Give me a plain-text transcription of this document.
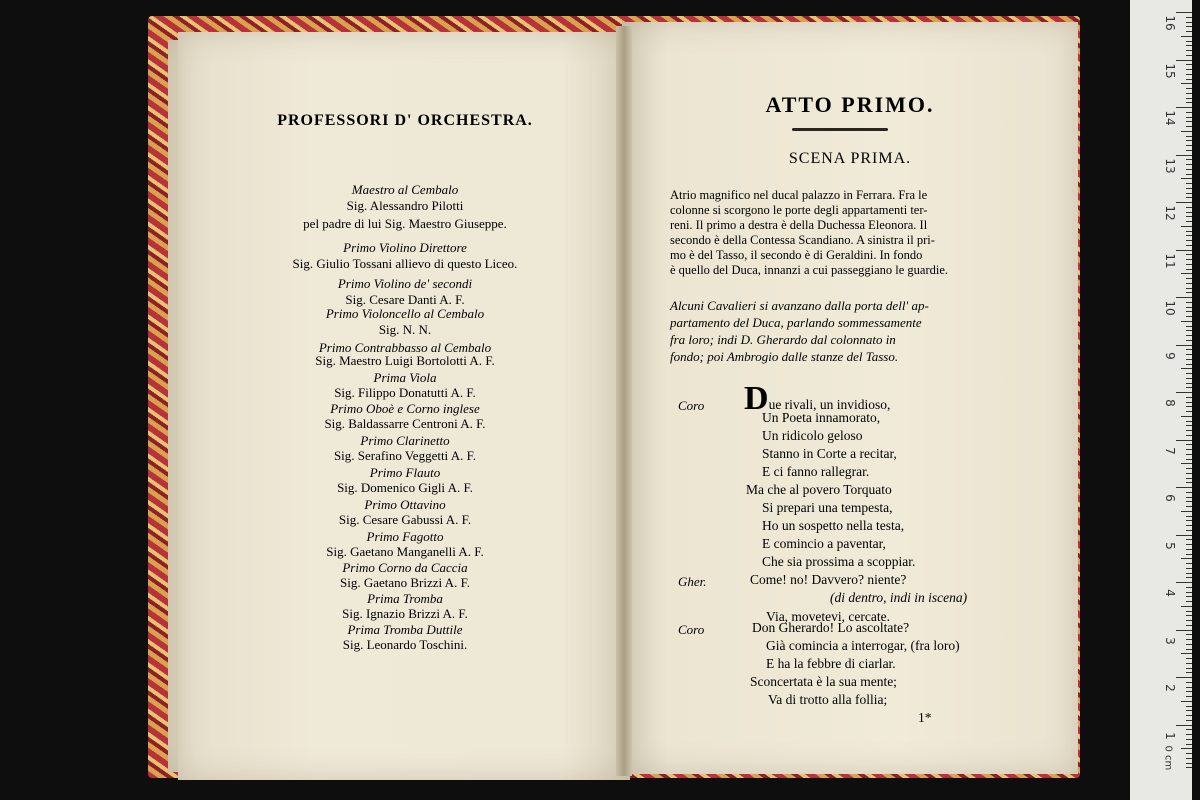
PROFESSORI D' ORCHESTRA.
Maestro al Cembalo
Sig. Alessandro Pilotti
pel padre di lui Sig. Maestro Giuseppe.
Primo Violino Direttore
Sig. Giulio Tossani allievo di questo Liceo.
Primo Violino de' secondi
Sig. Cesare Danti A. F.
Primo Violoncello al Cembalo
Sig. N. N.
Primo Contrabbasso al Cembalo
Sig. Maestro Luigi Bortolotti A. F.
Prima Viola
Sig. Filippo Donatutti A. F.
Primo Oboè e Corno inglese
Sig. Baldassarre Centroni A. F.
Primo Clarinetto
Sig. Serafino Veggetti A. F.
Primo Flauto
Sig. Domenico Gigli A. F.
Primo Ottavino
Sig. Cesare Gabussi A. F.
Primo Fagotto
Sig. Gaetano Manganelli A. F.
Primo Corno da Caccia
Sig. Gaetano Brizzi A. F.
Prima Tromba
Sig. Ignazio Brizzi A. F.
Prima Tromba Duttile
Sig. Leonardo Toschini.
ATTO PRIMO.
SCENA PRIMA.
Atrio magnifico nel ducal palazzo in Ferrara. Fra le
colonne si scorgono le porte degli appartamenti ter-
reni. Il primo a destra è della Duchessa Eleonora. Il
secondo è della Contessa Scandiano. A sinistra il pri-
mo è del Tasso, il secondo è di Geraldini. In fondo
è quello del Duca, innanzi a cui passeggiano le guardie.
Alcuni Cavalieri si avanzano dalla porta dell' ap-
partamento del Duca, parlando sommessamente
fra loro; indi D. Gherardo dal colonnato in
fondo; poi Ambrogio dalle stanze del Tasso.
Coro Due rivali, un invidioso,
Un Poeta innamorato,
Un ridicolo geloso
Stanno in Corte a recitar,
E ci fanno rallegrar.
Ma che al povero Torquato
Si prepari una tempesta,
Ho un sospetto nella testa,
E comincio a paventar,
Che sia prossima a scoppiar.
Gher.	Come! no! Davvero? niente?
(di dentro, indi in iscena)
Via, movetevi, cercate.
Coro	Don Gherardo! Lo ascoltate?
Già comincia a interrogar, (fra loro)
E ha la febbre di ciarlar.
Sconcertata è la sua mente;
Va di trotto alla follia;
1*
0 cm
16
15
14
13
12
11
10
9
8
7
6
5
4
3
2
1
